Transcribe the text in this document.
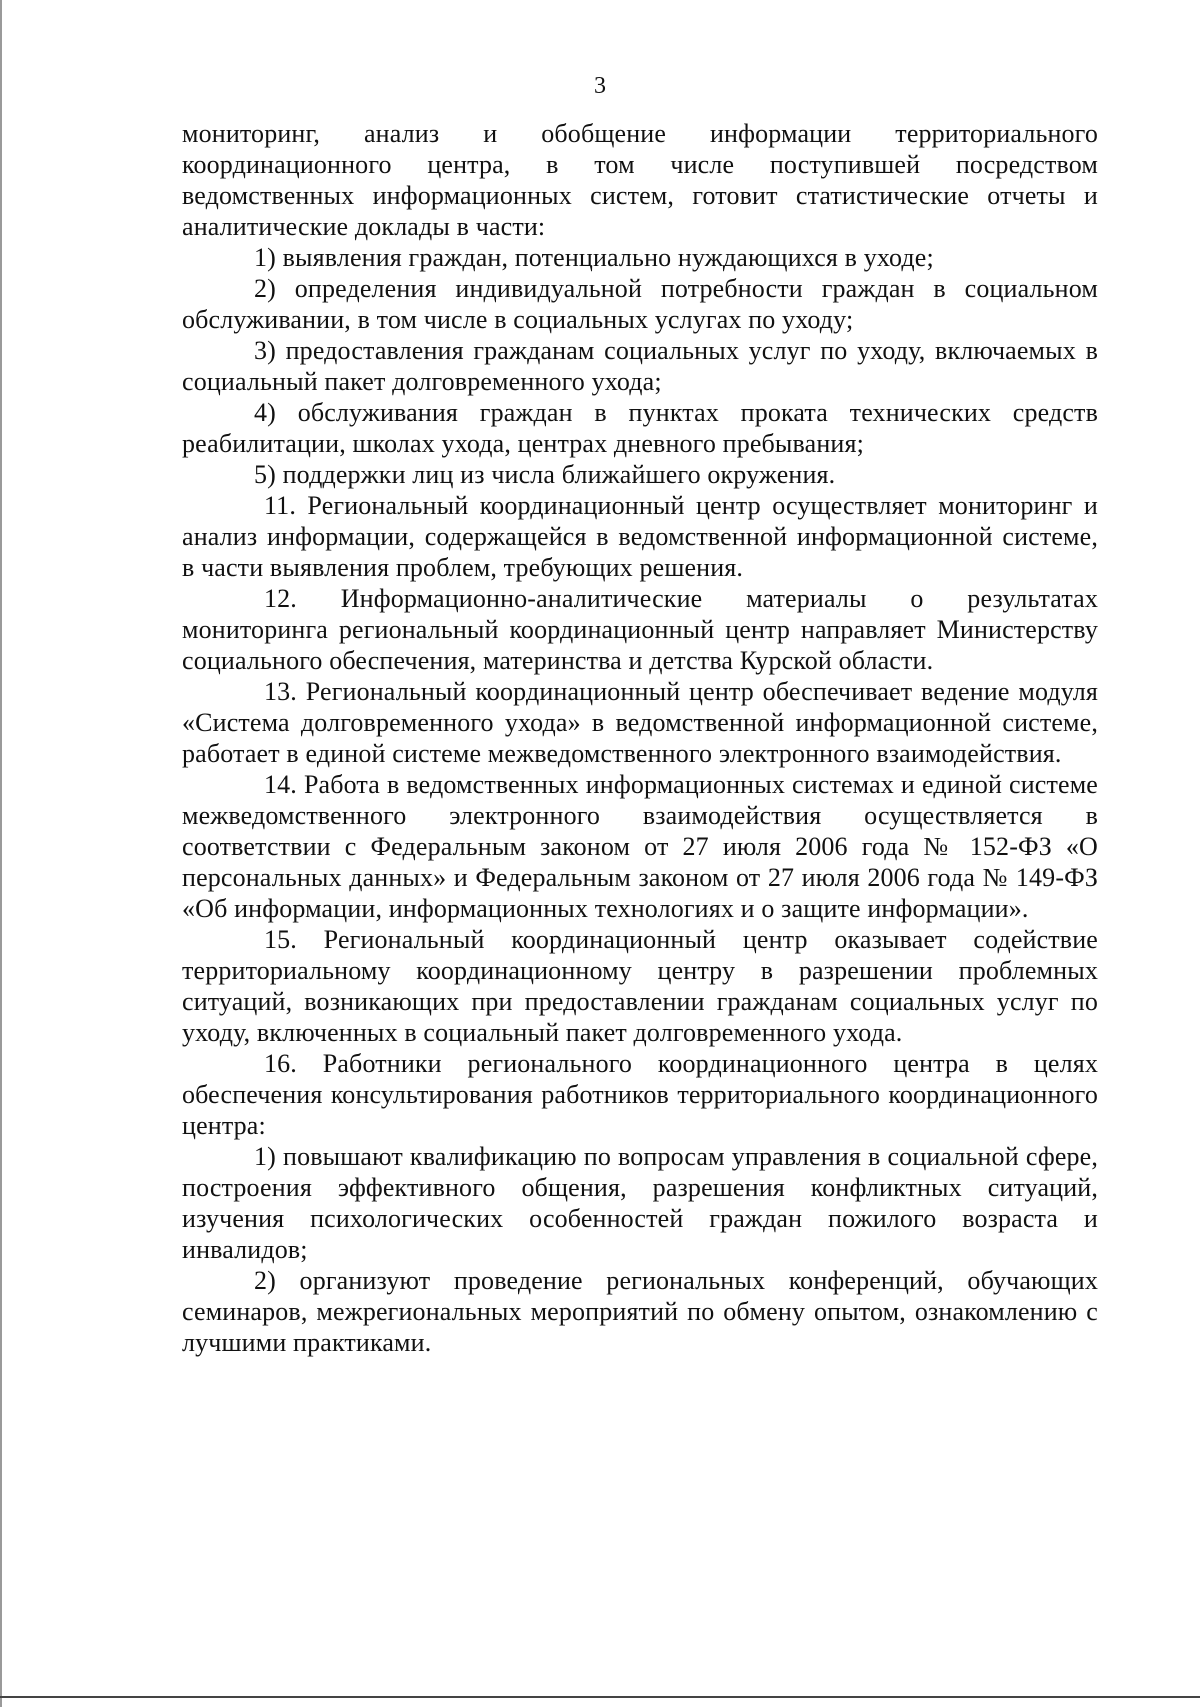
3

мониторинг, анализ и обобщение информации территориального координационного центра, в том числе поступившей посредством ведомственных информационных систем, готовит статистические отчеты и аналитические доклады в части:

1) выявления граждан, потенциально нуждающихся в уходе;

2) определения индивидуальной потребности граждан в социальном обслуживании, в том числе в социальных услугах по уходу;

3) предоставления гражданам социальных услуг по уходу, включаемых в социальный пакет долговременного ухода;

4) обслуживания граждан в пунктах проката технических средств реабилитации, школах ухода, центрах дневного пребывания;

5) поддержки лиц из числа ближайшего окружения.

11. Региональный координационный центр осуществляет мониторинг и анализ информации, содержащейся в ведомственной информационной системе, в части выявления проблем, требующих решения.

12. Информационно-аналитические материалы о результатах мониторинга региональный координационный центр направляет Министерству социального обеспечения, материнства и детства Курской области.

13. Региональный координационный центр обеспечивает ведение модуля «Система долговременного ухода» в ведомственной информационной системе, работает в единой системе межведомственного электронного взаимодействия.

14. Работа в ведомственных информационных системах и единой системе межведомственного электронного взаимодействия осуществляется в соответствии с Федеральным законом от 27 июля 2006 года № 152-ФЗ «О персональных данных» и Федеральным законом от 27 июля 2006 года № 149-ФЗ «Об информации, информационных технологиях и о защите информации».

15. Региональный координационный центр оказывает содействие территориальному координационному центру в разрешении проблемных ситуаций, возникающих при предоставлении гражданам социальных услуг по уходу, включенных в социальный пакет долговременного ухода.

16. Работники регионального координационного центра в целях обеспечения консультирования работников территориального координационного центра:

1) повышают квалификацию по вопросам управления в социальной сфере, построения эффективного общения, разрешения конфликтных ситуаций, изучения психологических особенностей граждан пожилого возраста и инвалидов;

2) организуют проведение региональных конференций, обучающих семинаров, межрегиональных мероприятий по обмену опытом, ознакомлению с лучшими практиками.
